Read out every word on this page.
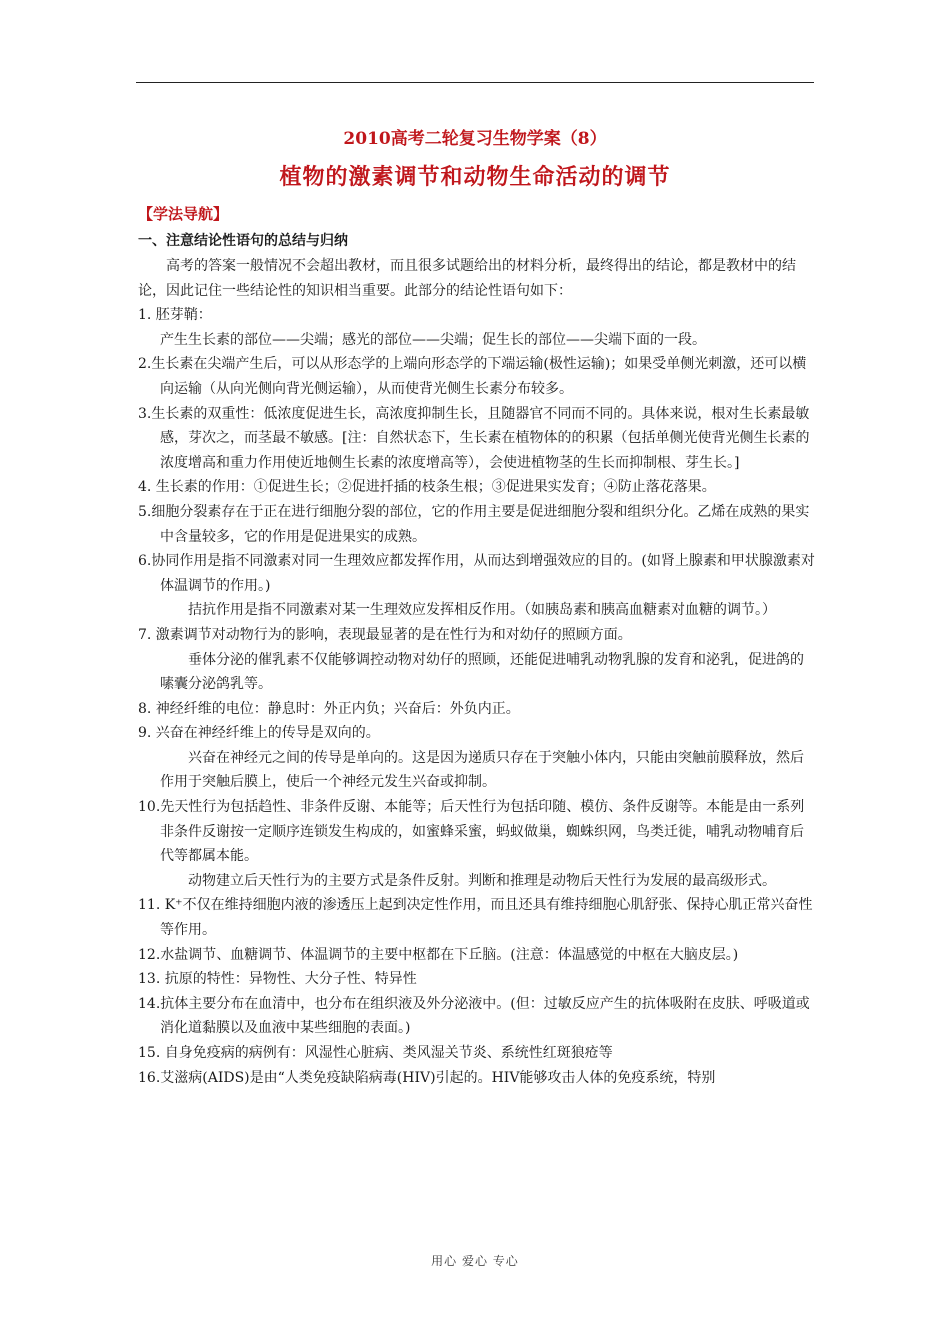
2010高考二轮复习生物学案（8）
植物的激素调节和动物生命活动的调节
【学法导航】
一、注意结论性语句的总结与归纳

高考的答案一般情况不会超出教材，而且很多试题给出的材料分析，最终得出的结论，都是教材中的结论，因此记住一些结论性的知识相当重要。此部分的结论性语句如下：

1. 胚芽鞘：

产生生长素的部位——尖端；感光的部位——尖端；促生长的部位——尖端下面的一段。

2.生长素在尖端产生后，可以从形态学的上端向形态学的下端运输(极性运输)；如果受单侧光刺激，还可以横向运输（从向光侧向背光侧运输），从而使背光侧生长素分布较多。

3.生长素的双重性：低浓度促进生长，高浓度抑制生长，且随器官不同而不同的。具体来说，根对生长素最敏感，芽次之，而茎最不敏感。[注：自然状态下，生长素在植物体的的积累（包括单侧光使背光侧生长素的浓度增高和重力作用使近地侧生长素的浓度增高等），会使进植物茎的生长而抑制根、芽生长。]

4. 生长素的作用：①促进生长；②促进扦插的枝条生根；③促进果实发育；④防止落花落果。

5.细胞分裂素存在于正在进行细胞分裂的部位，它的作用主要是促进细胞分裂和组织分化。乙烯在成熟的果实中含量较多，它的作用是促进果实的成熟。

6.协同作用是指不同激素对同一生理效应都发挥作用，从而达到增强效应的目的。(如肾上腺素和甲状腺激素对体温调节的作用。)

拮抗作用是指不同激素对某一生理效应发挥相反作用。（如胰岛素和胰高血糖素对血糖的调节。）

7. 激素调节对动物行为的影响，表现最显著的是在性行为和对幼仔的照顾方面。

垂体分泌的催乳素不仅能够调控动物对幼仔的照顾，还能促进哺乳动物乳腺的发育和泌乳，促进鸽的嗉囊分泌鸽乳等。

8. 神经纤维的电位：静息时：外正内负；兴奋后：外负内正。

9. 兴奋在神经纤维上的传导是双向的。

兴奋在神经元之间的传导是单向的。这是因为递质只存在于突触小体内，只能由突触前膜释放，然后作用于突触后膜上，使后一个神经元发生兴奋或抑制。

10.先天性行为包括趋性、非条件反谢、本能等；后天性行为包括印随、模仿、条件反谢等。本能是由一系列非条件反谢按一定顺序连锁发生构成的，如蜜蜂采蜜，蚂蚁做巢，蜘蛛织网，鸟类迁徙，哺乳动物哺育后代等都属本能。

动物建立后天性行为的主要方式是条件反射。判断和推理是动物后天性行为发展的最高级形式。

11. K⁺不仅在维持细胞内液的渗透压上起到决定性作用，而且还具有维持细胞心肌舒张、保持心肌正常兴奋性等作用。

12.水盐调节、血糖调节、体温调节的主要中枢都在下丘脑。(注意：体温感觉的中枢在大脑皮层。)

13. 抗原的特性：异物性、大分子性、特异性

14.抗体主要分布在血清中，也分布在组织液及外分泌液中。(但：过敏反应产生的抗体吸附在皮肤、呼吸道或消化道黏膜以及血液中某些细胞的表面。)

15. 自身免疫病的病例有：风湿性心脏病、类风湿关节炎、系统性红斑狼疮等

16.艾滋病(AIDS)是由“人类免疫缺陷病毒(HIV)引起的。HIV能够攻击人体的免疫系统，特别

用心 爱心 专心
